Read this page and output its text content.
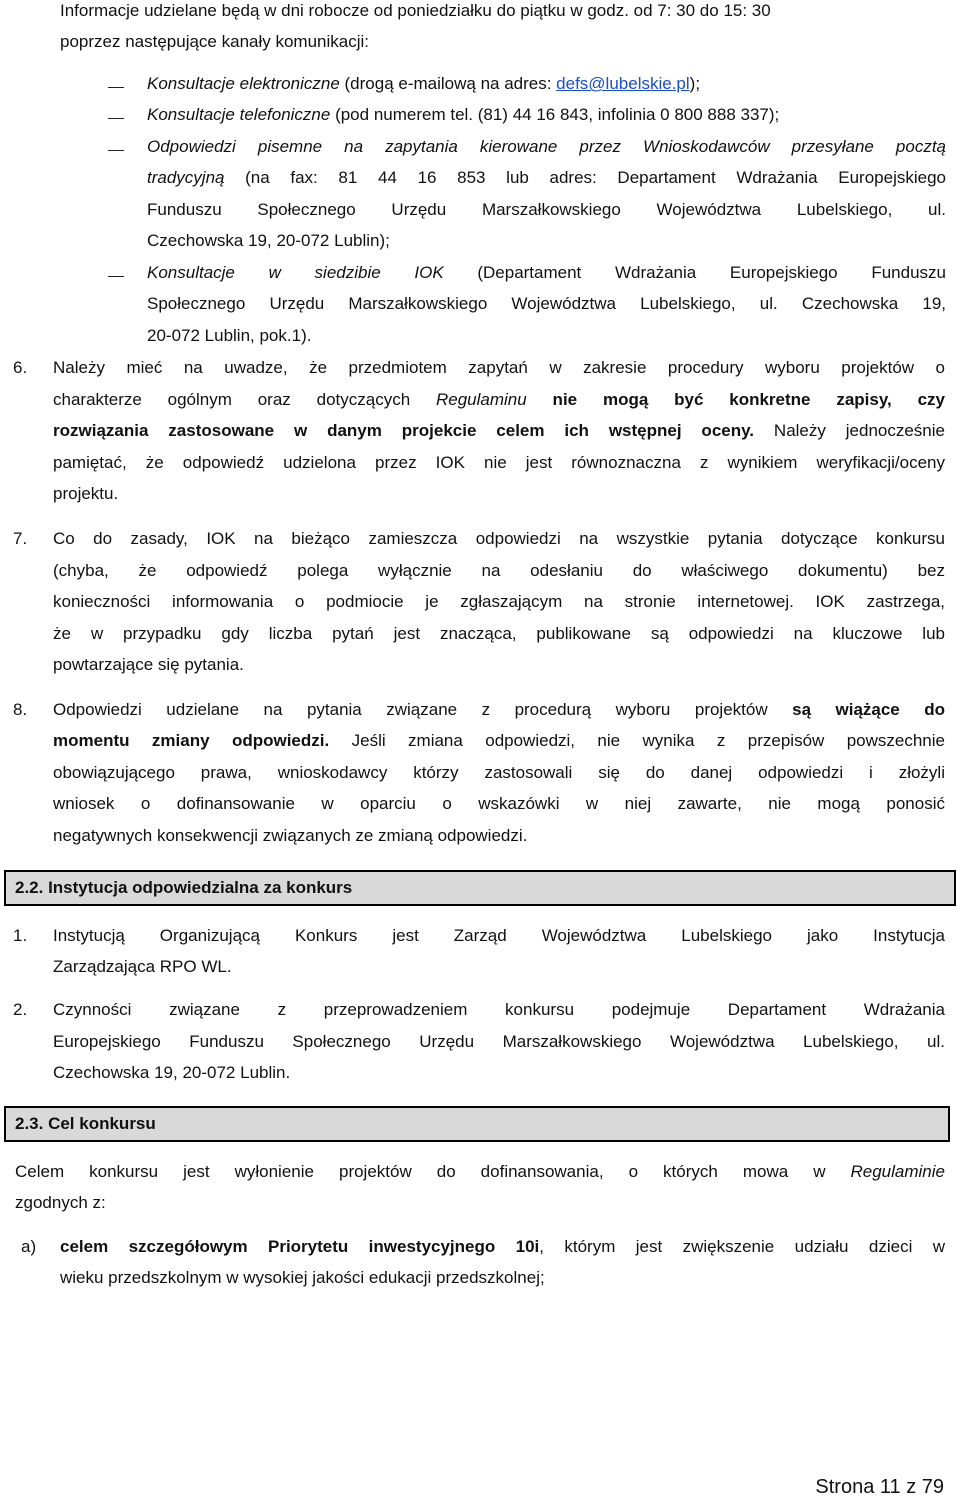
Informacje udzielane będą w dni robocze od poniedziałku do piątku w godz. od 7: 30 do 15: 30
poprzez następujące kanały komunikacji:
Konsultacje elektroniczne (drogą e-mailową na adres: defs@lubelskie.pl);
Konsultacje telefoniczne (pod numerem tel. (81) 44 16 843, infolinia 0 800 888 337);
Odpowiedzi pisemne na zapytania kierowane przez Wnioskodawców przesyłane pocztą
tradycyjną (na fax: 81 44 16 853 lub adres: Departament Wdrażania Europejskiego
Funduszu Społecznego Urzędu Marszałkowskiego Województwa Lubelskiego, ul.
Czechowska 19, 20-072 Lublin);
Konsultacje w siedzibie IOK (Departament Wdrażania Europejskiego Funduszu
Społecznego Urzędu Marszałkowskiego Województwa Lubelskiego, ul. Czechowska 19,
20-072 Lublin, pok.1).
6. Należy mieć na uwadze, że przedmiotem zapytań w zakresie procedury wyboru projektów o
charakterze ogólnym oraz dotyczących Regulaminu nie mogą być konkretne zapisy, czy
rozwiązania zastosowane w danym projekcie celem ich wstępnej oceny. Należy jednocześnie
pamiętać, że odpowiedź udzielona przez IOK nie jest równoznaczna z wynikiem weryfikacji/oceny
projektu.
7. Co do zasady, IOK na bieżąco zamieszcza odpowiedzi na wszystkie pytania dotyczące konkursu
(chyba, że odpowiedź polega wyłącznie na odesłaniu do właściwego dokumentu) bez
konieczności informowania o podmiocie je zgłaszającym na stronie internetowej. IOK zastrzega,
że w przypadku gdy liczba pytań jest znacząca, publikowane są odpowiedzi na kluczowe lub
powtarzające się pytania.
8. Odpowiedzi udzielane na pytania związane z procedurą wyboru projektów są wiążące do
momentu zmiany odpowiedzi. Jeśli zmiana odpowiedzi, nie wynika z przepisów powszechnie
obowiązującego prawa, wnioskodawcy którzy zastosowali się do danej odpowiedzi i złożyli
wniosek o dofinansowanie w oparciu o wskazówki w niej zawarte, nie mogą ponosić
negatywnych konsekwencji związanych ze zmianą odpowiedzi.
2.2. Instytucja odpowiedzialna za konkurs
1. Instytucją Organizującą Konkurs jest Zarząd Województwa Lubelskiego jako Instytucja
Zarządzająca RPO WL.
2. Czynności związane z przeprowadzeniem konkursu podejmuje Departament Wdrażania
Europejskiego Funduszu Społecznego Urzędu Marszałkowskiego Województwa Lubelskiego, ul.
Czechowska 19, 20-072 Lublin.
2.3. Cel konkursu
Celem konkursu jest wyłonienie projektów do dofinansowania, o których mowa w Regulaminie
zgodnych z:
a) celem szczegółowym Priorytetu inwestycyjnego 10i, którym jest zwiększenie udziału dzieci w
wieku przedszkolnym w wysokiej jakości edukacji przedszkolnej;
Strona 11 z 79
